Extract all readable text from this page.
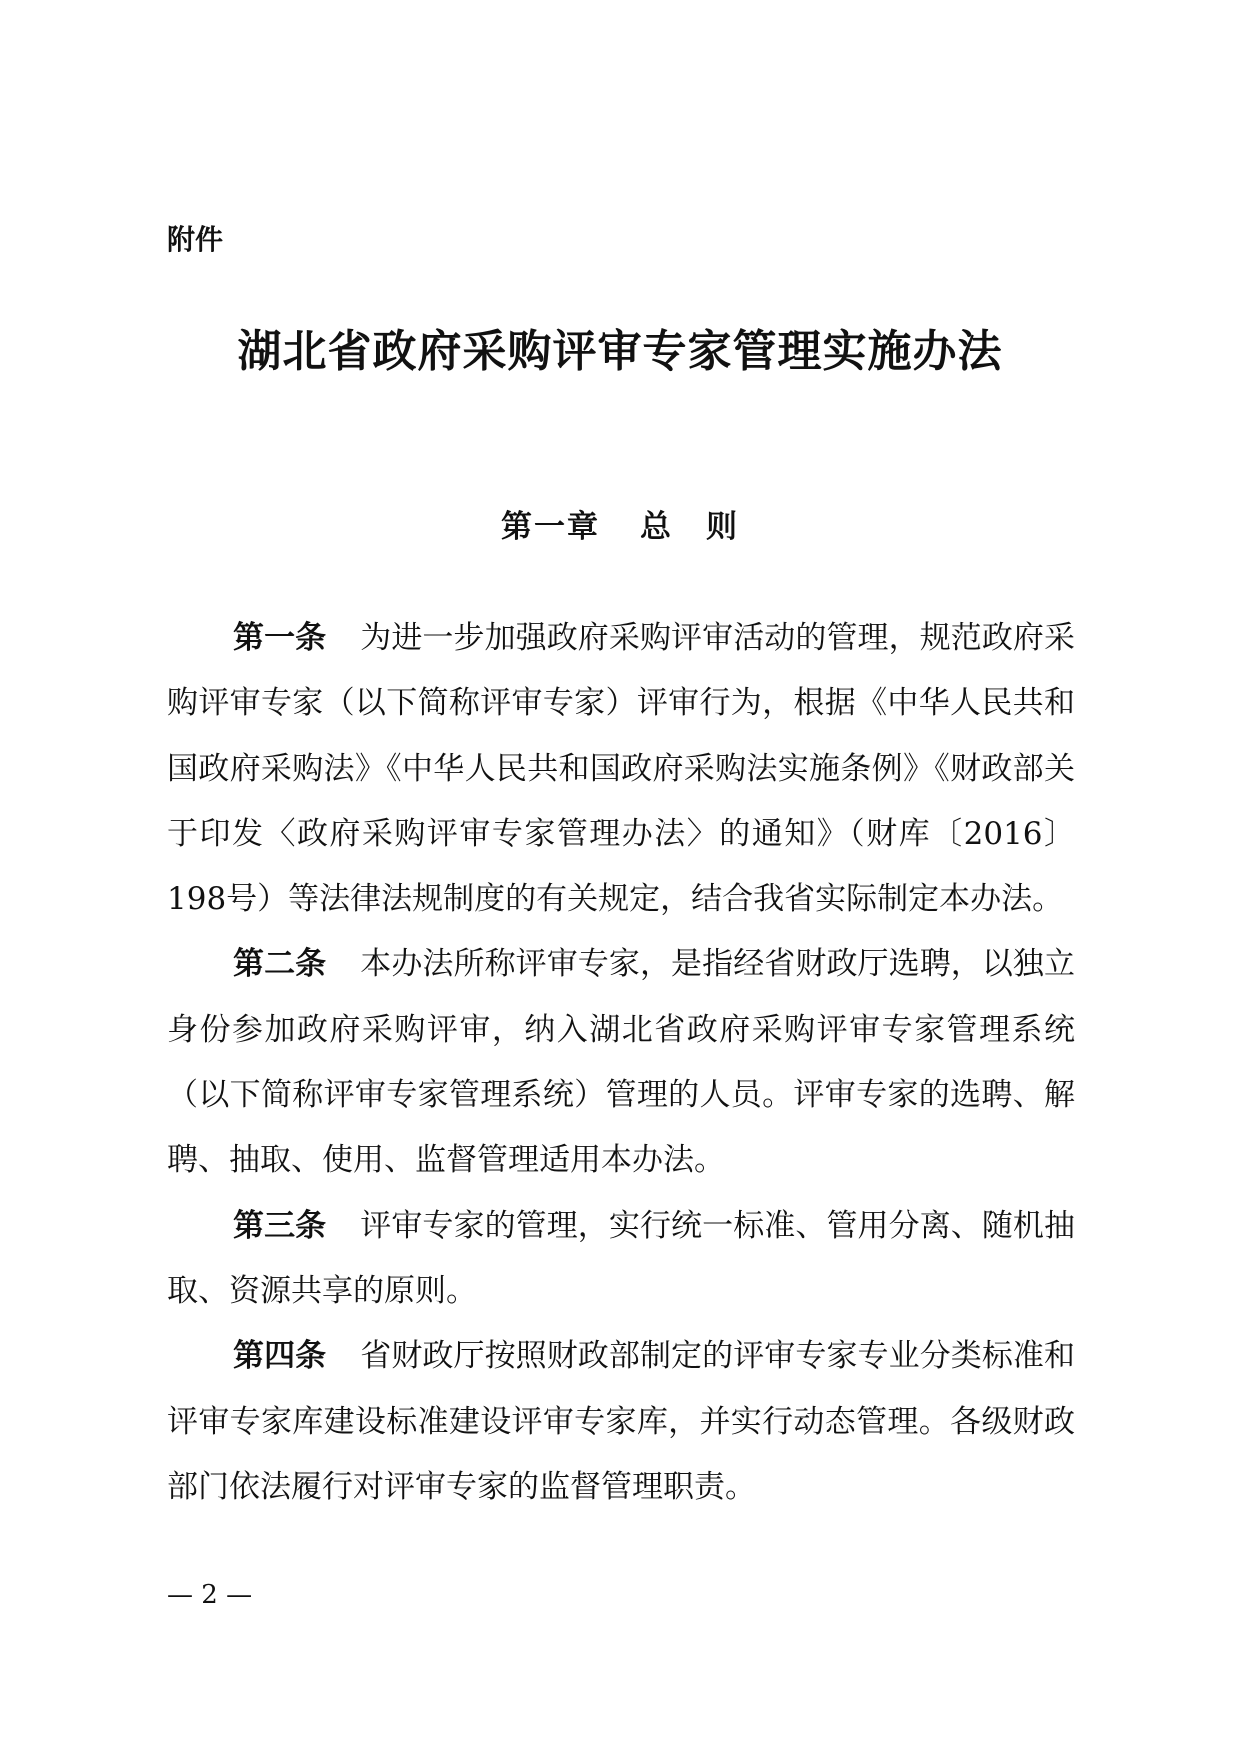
附件
湖北省政府采购评审专家管理实施办法
第一章 总　则

第一条 为进一步加强政府采购评审活动的管理，规范政府采购评审专家（以下简称评审专家）评审行为，根据《中华人民共和国政府采购法》《中华人民共和国政府采购法实施条例》《财政部关于印发〈政府采购评审专家管理办法〉的通知》（财库〔2016〕198号）等法律法规制度的有关规定，结合我省实际制定本办法。

第二条 本办法所称评审专家，是指经省财政厅选聘，以独立身份参加政府采购评审，纳入湖北省政府采购评审专家管理系统（以下简称评审专家管理系统）管理的人员。评审专家的选聘、解聘、抽取、使用、监督管理适用本办法。

第三条 评审专家的管理，实行统一标准、管用分离、随机抽取、资源共享的原则。

第四条 省财政厅按照财政部制定的评审专家专业分类标准和评审专家库建设标准建设评审专家库，并实行动态管理。各级财政部门依法履行对评审专家的监督管理职责。

— 2 —
